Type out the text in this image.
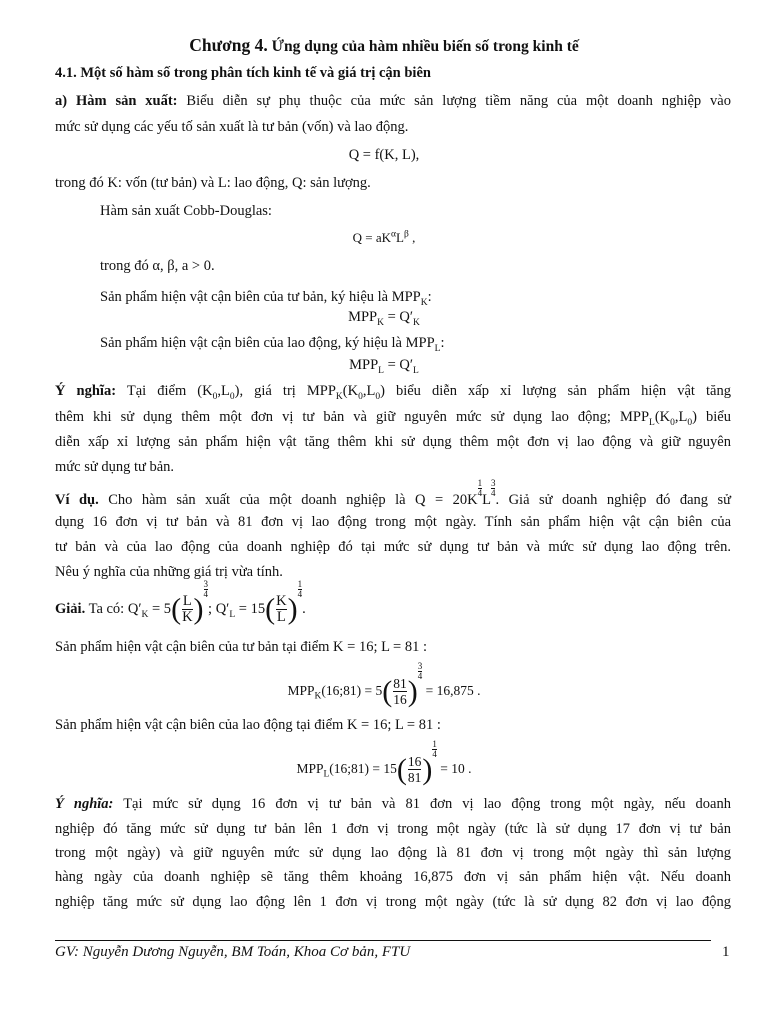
Chương 4. Ứng dụng của hàm nhiều biến số trong kinh tế
4.1. Một số hàm số trong phân tích kinh tế và giá trị cận biên
a) Hàm sản xuất: Biểu diễn sự phụ thuộc của mức sản lượng tiềm năng của một doanh nghiệp vào
mức sử dụng các yếu tố sản xuất là tư bản (vốn) và lao động.
Q = f(K, L),
trong đó K: vốn (tư bản) và L: lao động, Q: sản lượng.
Hàm sản xuất Cobb-Douglas:
$Q = aK^\alpha L^\beta$ ,
trong đó α, β, a > 0.
Sản phẩm hiện vật cận biên của tư bản, ký hiệu là $MPP_K$:
$MPP_K = Q'_K$
Sản phẩm hiện vật cận biên của lao động, ký hiệu là $MPP_L$:
$MPP_L = Q'_L$
Ý nghĩa: Tại điểm $(K_0,L_0)$, giá trị $MPP_K(K_0,L_0)$ biểu diễn xấp xỉ lượng sản phẩm hiện vật tăng
thêm khi sử dụng thêm một đơn vị tư bản và giữ nguyên mức sử dụng lao động; $MPP_L(K_0,L_0)$ biểu
diễn xấp xỉ lượng sản phẩm hiện vật tăng thêm khi sử dụng thêm một đơn vị lao động và giữ nguyên
mức sử dụng tư bản.
Ví dụ. Cho hàm sản xuất của một doanh nghiệp là Q = 20K
$\frac{1}{4}$
L
$\frac{3}{4}$
. Giả sử doanh nghiệp đó đang sử
dụng 16 đơn vị tư bản và 81 đơn vị lao động trong một ngày. Tính sản phẩm hiện vật cận biên của
tư bản và của lao động của doanh nghiệp đó tại mức sử dụng tư bản và mức sử dụng lao động trên.
Nêu ý nghĩa của những giá trị vừa tính.
Giải. Ta có: $Q'_K = 5( \frac{L}{K}$ )
$\frac{3}{4}$
; $Q'_L = 15( \frac{K}{L}$ )
$\frac{1}{4}$
.
Sản phẩm hiện vật cận biên của tư bản tại điểm K = 16; L = 81 :
$MPP_K(16;81) = 5( \frac{81}{16}$ )
$\frac{3}{4}$
= 16,875 .
Sản phẩm hiện vật cận biên của lao động tại điểm K = 16; L = 81 :
$MPP_L(16;81) = 15( \frac{16}{81}$ )
$\frac{1}{4}$
= 10 .
Ý nghĩa: Tại mức sử dụng 16 đơn vị tư bản và 81 đơn vị lao động trong một ngày, nếu doanh
nghiệp đó tăng mức sử dụng tư bản lên 1 đơn vị trong một ngày (tức là sử dụng 17 đơn vị tư bản
trong một ngày) và giữ nguyên mức sử dụng lao động là 81 đơn vị trong một ngày thì sản lượng
hàng ngày của doanh nghiệp sẽ tăng thêm khoảng 16,875 đơn vị sản phẩm hiện vật. Nếu doanh
nghiệp tăng mức sử dụng lao động lên 1 đơn vị trong một ngày (tức là sử dụng 82 đơn vị lao động
GV: Nguyễn Dương Nguyễn, BM Toán, Khoa Cơ bản, FTU	1
